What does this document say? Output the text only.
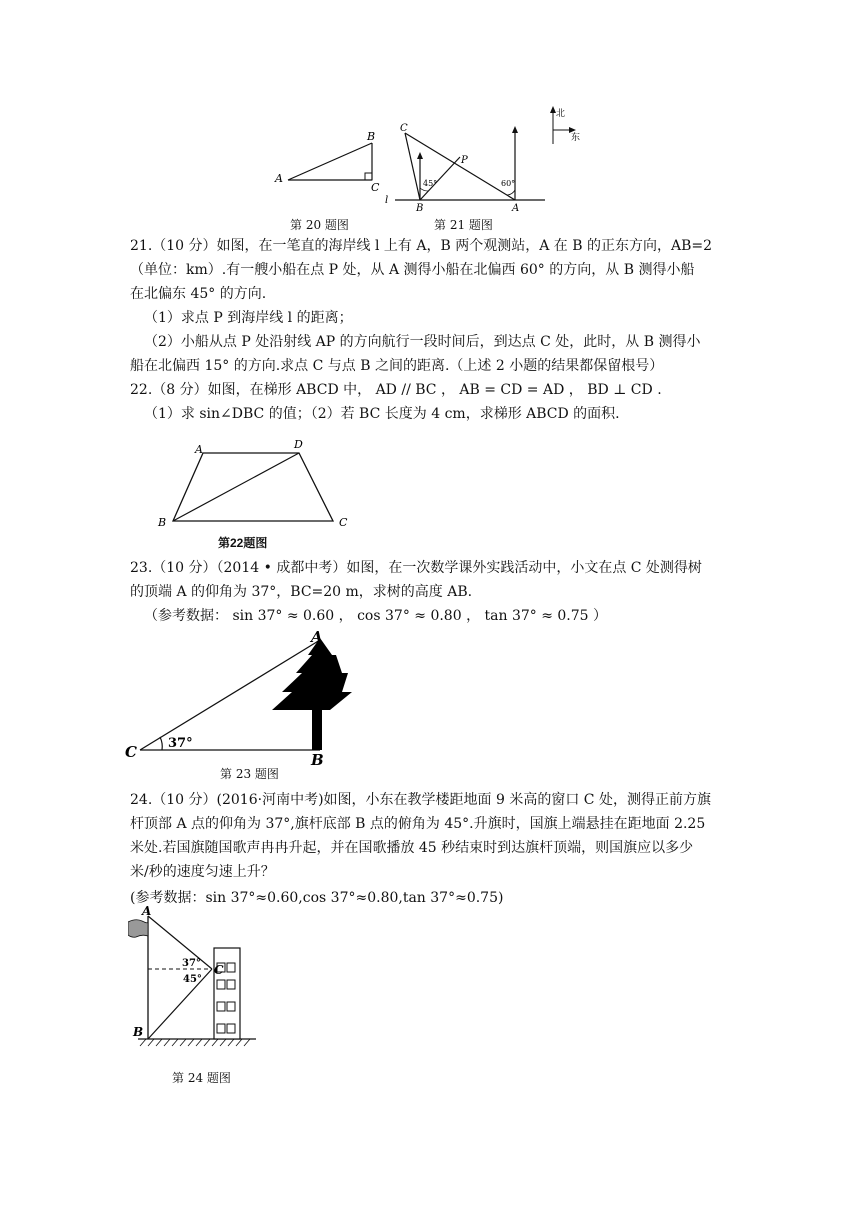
A
B
C
第 20 题图
45°	60°
C
P
B	A
l
北
东
第 21 题图
21.（10 分）如图，在一笔直的海岸线 l 上有 A，B 两个观测站，A 在 B 的正东方向，AB=2
（单位：km）.有一艘小船在点 P 处，从 A 测得小船在北偏西 60° 的方向，从 B 测得小船
在北偏东 45° 的方向.
（1）求点 P 到海岸线 l 的距离；
（2）小船从点 P 处沿射线 AP 的方向航行一段时间后，到达点 C 处，此时，从 B 测得小
船在北偏西 15° 的方向.求点 C 与点 B 之间的距离.（上述 2 小题的结果都保留根号）
22.（8 分）如图，在梯形 ABCD 中， AD // BC ， AB = CD = AD ， BD ⊥ CD .
（1）求 sin∠DBC 的值；（2）若 BC 长度为 4 cm，求梯形 ABCD 的面积.
A	D
B	C
第22题图
23.（10 分）（2014 • 成都中考）如图，在一次数学课外实践活动中，小文在点 C 处测得树
的顶端 A 的仰角为 37°，BC=20 m，求树的高度 AB.
（参考数据： sin 37° ≈ 0.60 ， cos 37° ≈ 0.80 ， tan 37° ≈ 0.75 ）
A
B
C 37°
第 23 题图
24.（10 分）(2016·河南中考)如图，小东在教学楼距地面 9 米高的窗口 C 处，测得正前方旗
杆顶部 A 点的仰角为 37°,旗杆底部 B 点的俯角为 45°.升旗时，国旗上端悬挂在距地面 2.25
米处.若国旗随国歌声冉冉升起，并在国歌播放 45 秒结束时到达旗杆顶端，则国旗应以多少
米/秒的速度匀速上升？
(参考数据：sin 37°≈0.60,cos 37°≈0.80,tan 37°≈0.75)
A
B
C
37°
45°
第 24 题图
